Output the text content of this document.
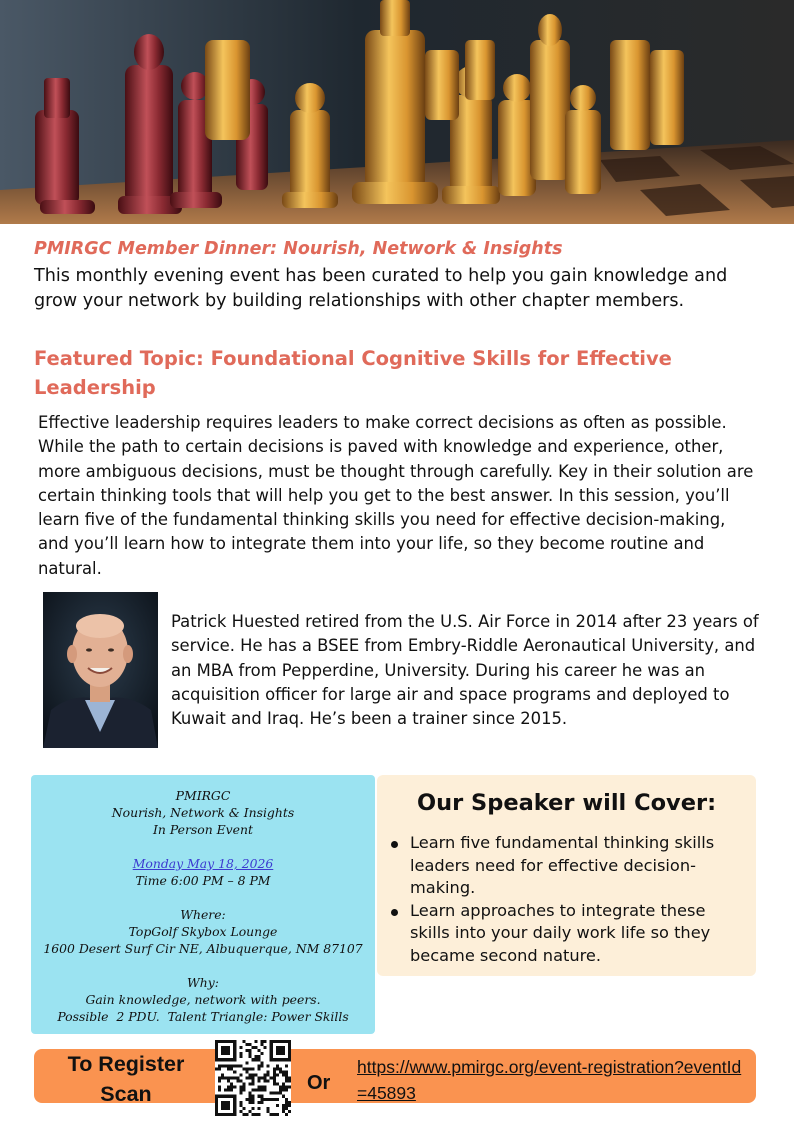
PMIRGC Member Dinner: Nourish, Network & Insights

This monthly evening event has been curated to help you gain knowledge and grow your network by building relationships with other chapter members.

Featured Topic: Foundational Cognitive Skills for Effective Leadership

Effective leadership requires leaders to make correct decisions as often as possible. While the path to certain decisions is paved with knowledge and experience, other, more ambiguous decisions, must be thought through carefully. Key in their solution are certain thinking tools that will help you get to the best answer. In this session, you’ll learn five of the fundamental thinking skills you need for effective decision-making, and you’ll learn how to integrate them into your life, so they become routine and natural.

Patrick Huested retired from the U.S. Air Force in 2014 after 23 years of service. He has a BSEE from Embry-Riddle Aeronautical University, and an MBA from Pepperdine, University. During his career he was an acquisition officer for large air and space programs and deployed to Kuwait and Iraq. He’s been a trainer since 2015.

PMIRGC
Nourish, Network & Insights
In Person Event
Monday May 18, 2026
Time 6:00 PM – 8 PM
Where:
TopGolf Skybox Lounge
1600 Desert Surf Cir NE, Albuquerque, NM 87107
Why:
Gain knowledge, network with peers.
Possible  2 PDU.  Talent Triangle: Power Skills
Our Speaker will Cover:
Learn five fundamental thinking skills leaders need for effective decision-making.
Learn approaches to integrate these skills into your daily work life so they became second nature.
To Register
Scan	Or
https://www.pmirgc.org/event-registration?eventId=45893
